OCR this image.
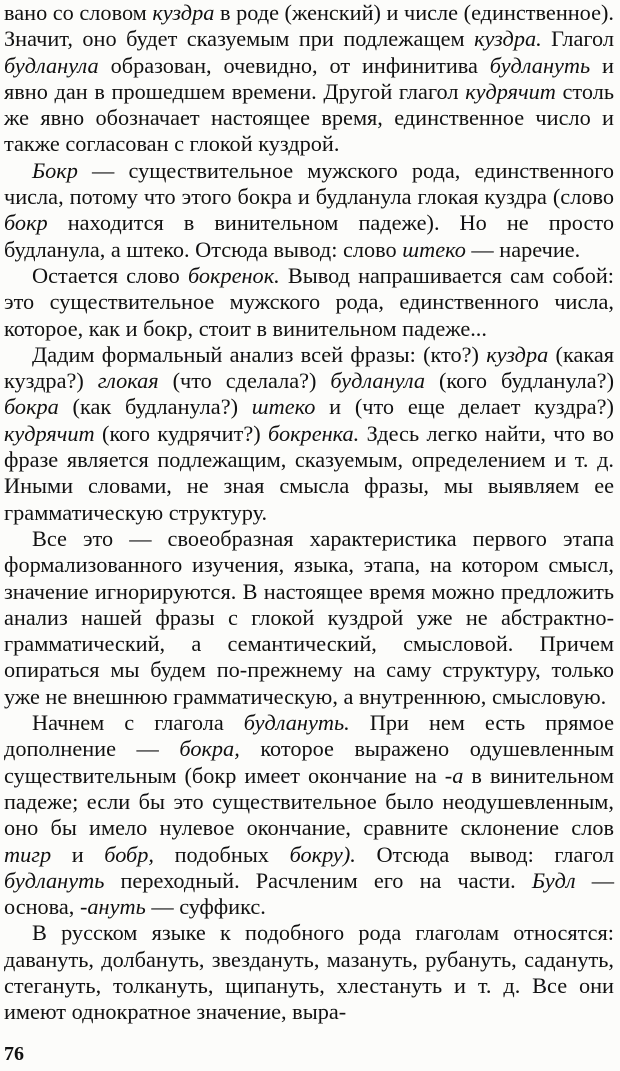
вано со словом куздра в роде (женский) и числе (единственное). Значит, оно будет сказуемым при подлежащем куздра. Глагол будланула образован, очевидно, от инфинитива будлануть и явно дан в прошедшем времени. Другой глагол кудрячит столь же явно обозначает настоящее время, единственное число и также согласован с глокой куздрой.

Бокр — существительное мужского рода, единственного числа, потому что этого бокра и будланула глокая куздра (слово бокр находится в винительном падеже). Но не просто будланула, а штеко. Отсюда вывод: слово штеко — наречие.

Остается слово бокренок. Вывод напрашивается сам собой: это существительное мужского рода, единственного числа, которое, как и бокр, стоит в винительном падеже...

Дадим формальный анализ всей фразы: (кто?) куздра (какая куздра?) глокая (что сделала?) будланула (кого будланула?) бокра (как будланула?) штеко и (что еще делает куздра?) кудрячит (кого кудрячит?) бокренка. Здесь легко найти, что во фразе является подлежащим, сказуемым, определением и т. д. Иными словами, не зная смысла фразы, мы выявляем ее грамматическую структуру.

Все это — своеобразная характеристика первого этапа формализованного изучения, языка, этапа, на котором смысл, значение игнорируются. В настоящее время можно предложить анализ нашей фразы с глокой куздрой уже не абстрактно-грамматический, а семантический, смысловой. Причем опираться мы будем по-прежнему на саму структуру, только уже не внешнюю грамматическую, а внутреннюю, смысловую.

Начнем с глагола будлануть. При нем есть прямое дополнение — бокра, которое выражено одушевленным существительным (бокр имеет окончание на -а в винительном падеже; если бы это существительное было неодушевленным, оно бы имело нулевое окончание, сравните склонение слов тигр и бобр, подобных бокру). Отсюда вывод: глагол будлануть переходный. Расчленим его на части. Будл — основа, -ануть — суффикс.

В русском языке к подобного рода глаголам относятся: давануть, долбануть, звездануть, мазануть, рубануть, садануть, стегануть, толкануть, щипануть, хлестануть и т. д. Все они имеют однократное значение, выра-

76
